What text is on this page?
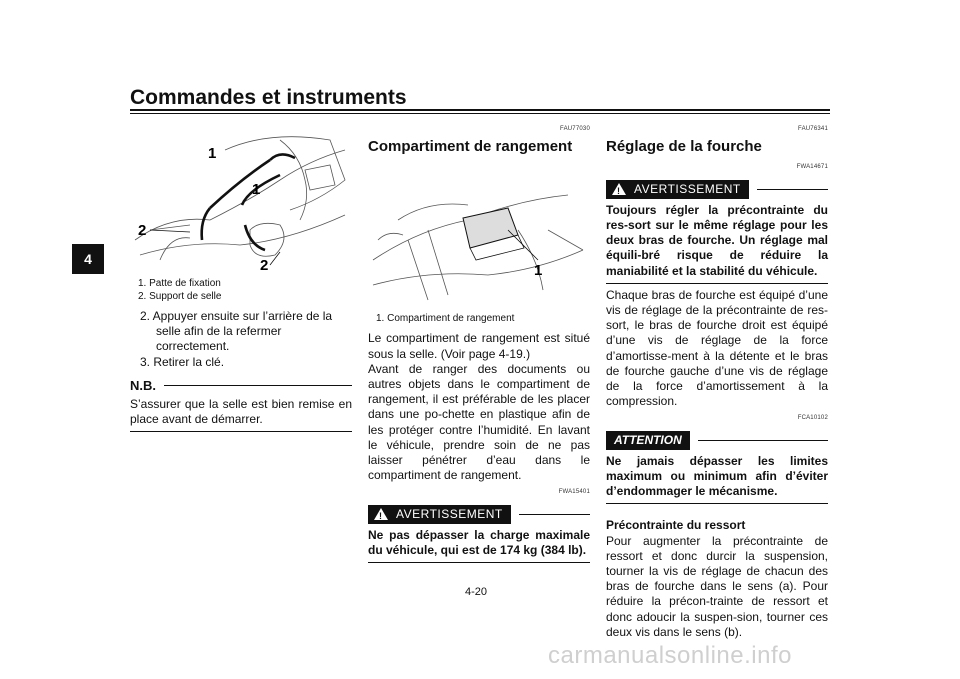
Commandes et instruments
4
1
1
2
2
1. Patte de fixation
2. Support de selle
2. Appuyer ensuite sur l’arrière de la selle afin de la refermer correctement.
3. Retirer la clé.
N.B.

S’assurer que la selle est bien remise en place avant de démarrer.

FAU77030
Compartiment de rangement
1
1. Compartiment de rangement

Le compartiment de rangement est situé sous la selle. (Voir page 4-19.)

Avant de ranger des documents ou autres objets dans le compartiment de rangement, il est préférable de les placer dans une po-chette en plastique afin de les protéger contre l’humidité. En lavant le véhicule, prendre soin de ne pas laisser pénétrer d’eau dans le compartiment de rangement.

FWA15401
!
AVERTISSEMENT

Ne pas dépasser la charge maximale du véhicule, qui est de 174 kg (384 lb).

FAU76341
Réglage de la fourche
FWA14671
!
AVERTISSEMENT

Toujours régler la précontrainte du res-sort sur le même réglage pour les deux bras de fourche. Un réglage mal équili-bré risque de réduire la maniabilité et la stabilité du véhicule.

Chaque bras de fourche est équipé d’une vis de réglage de la précontrainte de res-sort, le bras de fourche droit est équipé d’une vis de réglage de la force d’amortisse-ment à la détente et le bras de fourche gauche d’une vis de réglage de la force d’amortissement à la compression.

FCA10102
ATTENTION

Ne jamais dépasser les limites maximum ou minimum afin d’éviter d’endommager le mécanisme.

Précontrainte du ressort

Pour augmenter la précontrainte de ressort et donc durcir la suspension, tourner la vis de réglage de chacun des bras de fourche dans le sens (a). Pour réduire la précon-trainte de ressort et donc adoucir la suspen-sion, tourner ces deux vis dans le sens (b).

4-20
carmanualsonline.info
